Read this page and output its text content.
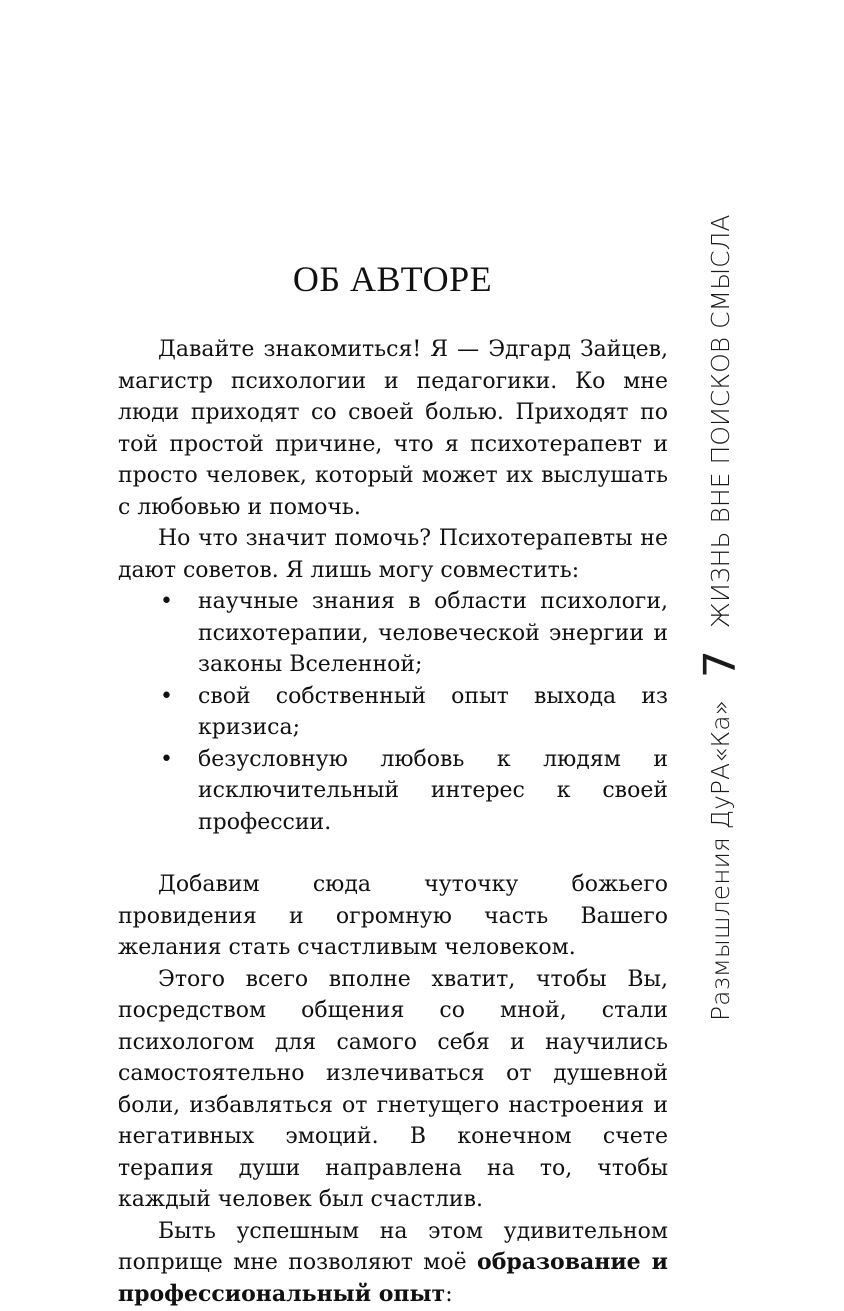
ОБ АВТОРЕ

Давайте знакомиться! Я — Эдгард Зайцев, магистр психологии и педагогики. Ко мне люди приходят со своей болью. Приходят по той простой причине, что я психотерапевт и просто человек, который может их выслушать с любовью и помочь.

Но что значит помочь? Психотерапевты не дают советов. Я лишь могу совместить:

• научные знания в области психологи, психотерапии, человеческой энергии и законы Вселенной;
• свой собственный опыт выхода из кризиса;
• безусловную любовь к людям и исключительный интерес к своей профессии.

Добавим сюда чуточку божьего провидения и огромную часть Вашего желания стать счастливым человеком.

Этого всего вполне хватит, чтобы Вы, посредством общения со мной, стали психологом для самого себя и научились самостоятельно излечиваться от душевной боли, избавляться от гнетущего настроения и негативных эмоций. В конечном счете терапия души направлена на то, чтобы каждый человек был счастлив.

Быть успешным на этом удивительном поприще мне позволяют моё образование и профессиональный опыт:

Размышления ДуРА«Ка»
7
ЖИЗНЬ ВНЕ ПОИСКОВ СМЫСЛА
